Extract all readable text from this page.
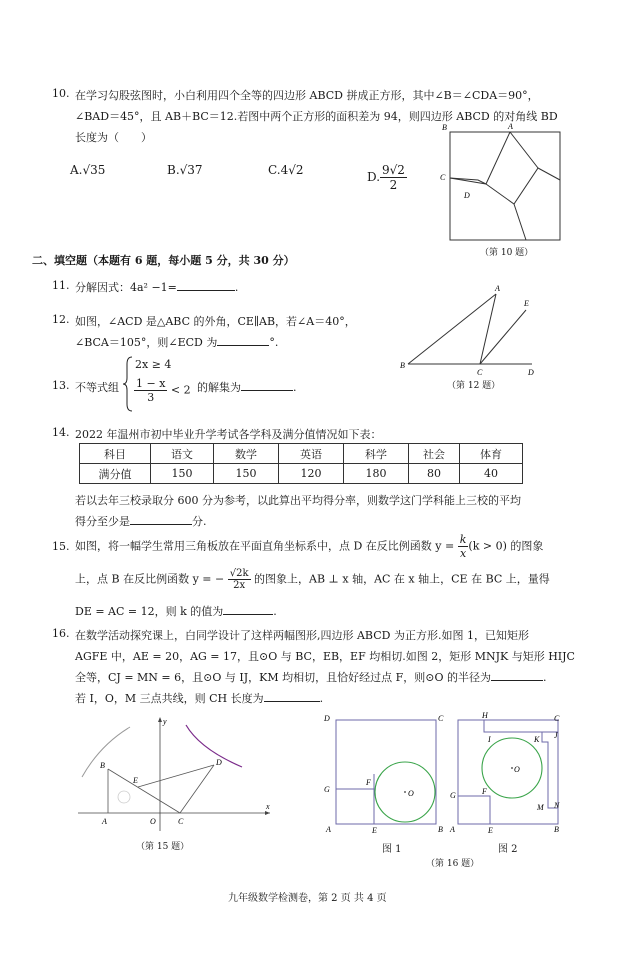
10. 在学习勾股弦图时，小白利用四个全等的四边形 ABCD 拼成正方形，其中∠B＝∠CDA＝90°，
∠BAD＝45°，且 AB＋BC＝12.若图中两个正方形的面积差为 94，则四边形 ABCD 的对角线 BD
长度为（　　）
A.√35	B.√37	C.4√2	D. $\frac{9√2}{2}$
B	A
C
D
（第 10 题）
二、填空题（本题有 6 题，每小题 5 分，共 30 分）
11. 分解因式：4a² −1=	.
12. 如图，∠ACD 是△ABC 的外角，CE∥AB，若∠A＝40°，
∠BCA＝105°，则∠ECD 为	°.
B
A
C	D
E
（第 12 题）
13. 不等式组
2x ≥ 4
$\frac{1 - x}{3} < 2$ 的解集为	.
14. 2022 年温州市初中毕业升学考试各学科及满分值情况如下表：
科目	语文	数学	英语	科学	社会	体育
满分值	150	150	120	180	80	40
若以去年三校录取分 600 分为参考，以此算出平均得分率，则数学这门学科能上三校的平均
得分至少是	分.
15. 如图，将一幅学生常用三角板放在平面直角坐标系中，点 D 在反比例函数 $y = \frac{k}{x} (k > 0)$ 的图象
上，点 B 在反比例函数 y = − $\frac{√2k}{2x}$ 的图象上，AB ⊥ x 轴，AC 在 x 轴上，CE 在 BC 上，量得
DE = AC = 12，则 k 的值为	.
16. 在数学活动探究课上，白同学设计了这样两幅图形,四边形 ABCD 为正方形.如图 1，已知矩形
AGFE 中，AE = 20，AG = 17，且⊙O 与 BC，EB，EF 均相切.如图 2，矩形 MNJK 与矩形 HIJC
全等，CJ = MN = 6，且⊙O 与 IJ，KM 均相切，且恰好经过点 F，则⊙O 的半径为	.
若 I，O，M 三点共线，则 CH 长度为	.
B
A	O	C
D
E
y
x
（第 15 题）
D	C
G
F
O
A	E	B
图 1
H	C
I	J
K
O
F
G
M N
A	E	B
图 2
（第 16 题）
九年级数学检测卷，第 2 页 共 4 页
